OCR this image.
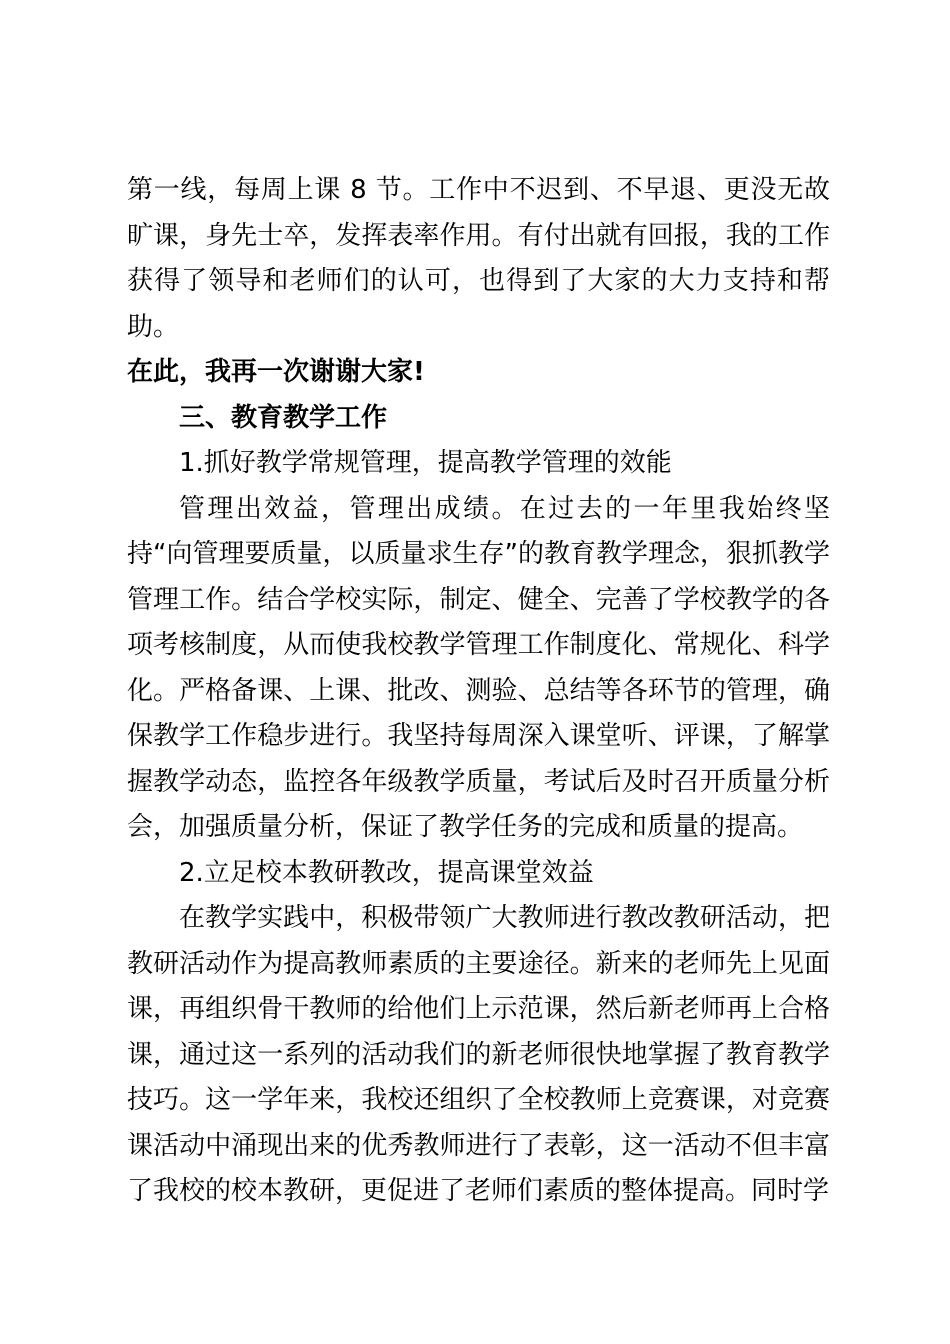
第一线，每周上课 8 节。工作中不迟到、不早退、更没无故旷课，身先士卒，发挥表率作用。有付出就有回报，我的工作获得了领导和老师们的认可，也得到了大家的大力支持和帮助。

在此，我再一次谢谢大家!

三、教育教学工作

1.抓好教学常规管理，提高教学管理的效能

管理出效益，管理出成绩。在过去的一年里我始终坚持“向管理要质量，以质量求生存”的教育教学理念，狠抓教学管理工作。结合学校实际，制定、健全、完善了学校教学的各项考核制度，从而使我校教学管理工作制度化、常规化、科学化。严格备课、上课、批改、测验、总结等各环节的管理，确保教学工作稳步进行。我坚持每周深入课堂听、评课，了解掌握教学动态，监控各年级教学质量，考试后及时召开质量分析会，加强质量分析，保证了教学任务的完成和质量的提高。

2.立足校本教研教改，提高课堂效益

在教学实践中，积极带领广大教师进行教改教研活动，把教研活动作为提高教师素质的主要途径。新来的老师先上见面课，再组织骨干教师的给他们上示范课，然后新老师再上合格课，通过这一系列的活动我们的新老师很快地掌握了教育教学技巧。这一学年来，我校还组织了全校教师上竞赛课，对竞赛课活动中涌现出来的优秀教师进行了表彰，这一活动不但丰富了我校的校本教研，更促进了老师们素质的整体提高。同时学
